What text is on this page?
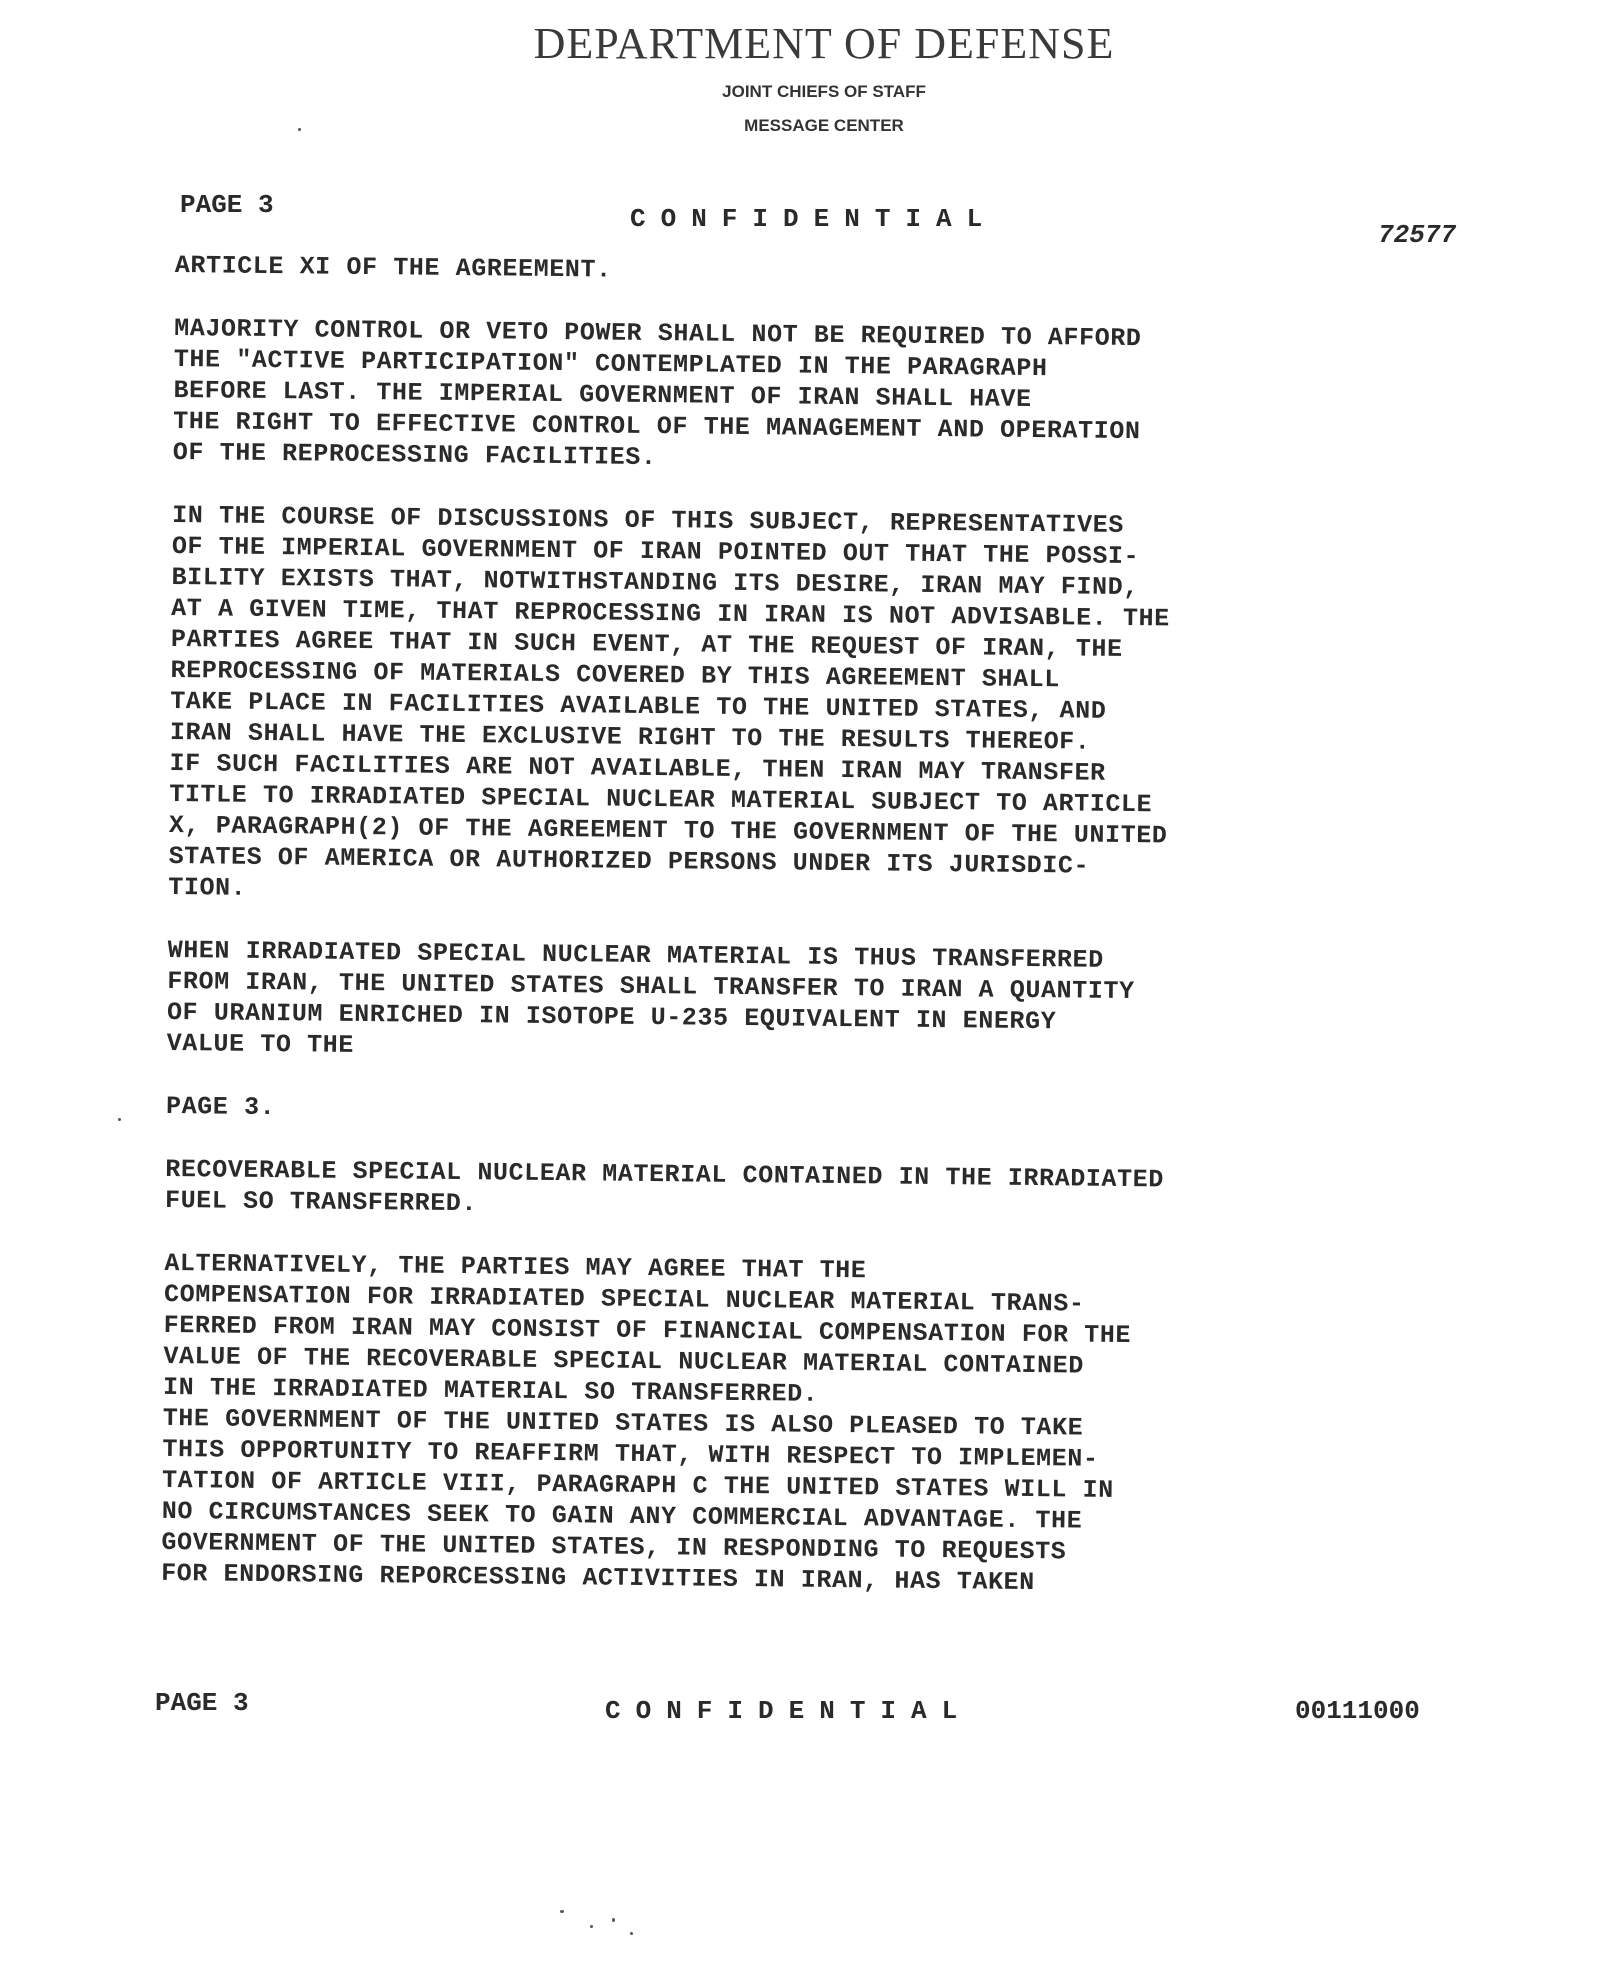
DEPARTMENT OF DEFENSE
JOINT CHIEFS OF STAFF
MESSAGE CENTER
PAGE 3	CONFIDENTIAL
72577

ARTICLE XI OF THE AGREEMENT.

MAJORITY CONTROL OR VETO POWER SHALL NOT BE REQUIRED TO AFFORD
THE "ACTIVE PARTICIPATION" CONTEMPLATED IN THE PARAGRAPH
BEFORE LAST. THE IMPERIAL GOVERNMENT OF IRAN SHALL HAVE
THE RIGHT TO EFFECTIVE CONTROL OF THE MANAGEMENT AND OPERATION
OF THE REPROCESSING FACILITIES.

IN THE COURSE OF DISCUSSIONS OF THIS SUBJECT, REPRESENTATIVES
OF THE IMPERIAL GOVERNMENT OF IRAN POINTED OUT THAT THE POSSI-
BILITY EXISTS THAT, NOTWITHSTANDING ITS DESIRE, IRAN MAY FIND,
AT A GIVEN TIME, THAT REPROCESSING IN IRAN IS NOT ADVISABLE. THE
PARTIES AGREE THAT IN SUCH EVENT, AT THE REQUEST OF IRAN, THE
REPROCESSING OF MATERIALS COVERED BY THIS AGREEMENT SHALL
TAKE PLACE IN FACILITIES AVAILABLE TO THE UNITED STATES, AND
IRAN SHALL HAVE THE EXCLUSIVE RIGHT TO THE RESULTS THEREOF.
IF SUCH FACILITIES ARE NOT AVAILABLE, THEN IRAN MAY TRANSFER
TITLE TO IRRADIATED SPECIAL NUCLEAR MATERIAL SUBJECT TO ARTICLE
X, PARAGRAPH(2) OF THE AGREEMENT TO THE GOVERNMENT OF THE UNITED
STATES OF AMERICA OR AUTHORIZED PERSONS UNDER ITS JURISDIC-
TION.

WHEN IRRADIATED SPECIAL NUCLEAR MATERIAL IS THUS TRANSFERRED
FROM IRAN, THE UNITED STATES SHALL TRANSFER TO IRAN A QUANTITY
OF URANIUM ENRICHED IN ISOTOPE U-235 EQUIVALENT IN ENERGY
VALUE TO THE

PAGE 3.

RECOVERABLE SPECIAL NUCLEAR MATERIAL CONTAINED IN THE IRRADIATED
FUEL SO TRANSFERRED.

ALTERNATIVELY, THE PARTIES MAY AGREE THAT THE
COMPENSATION FOR IRRADIATED SPECIAL NUCLEAR MATERIAL TRANS-
FERRED FROM IRAN MAY CONSIST OF FINANCIAL COMPENSATION FOR THE
VALUE OF THE RECOVERABLE SPECIAL NUCLEAR MATERIAL CONTAINED
IN THE IRRADIATED MATERIAL SO TRANSFERRED.
THE GOVERNMENT OF THE UNITED STATES IS ALSO PLEASED TO TAKE
THIS OPPORTUNITY TO REAFFIRM THAT, WITH RESPECT TO IMPLEMEN-
TATION OF ARTICLE VIII, PARAGRAPH C THE UNITED STATES WILL IN
NO CIRCUMSTANCES SEEK TO GAIN ANY COMMERCIAL ADVANTAGE. THE
GOVERNMENT OF THE UNITED STATES, IN RESPONDING TO REQUESTS
FOR ENDORSING REPORCESSING ACTIVITIES IN IRAN, HAS TAKEN

PAGE 3	CONFIDENTIAL	00111000
